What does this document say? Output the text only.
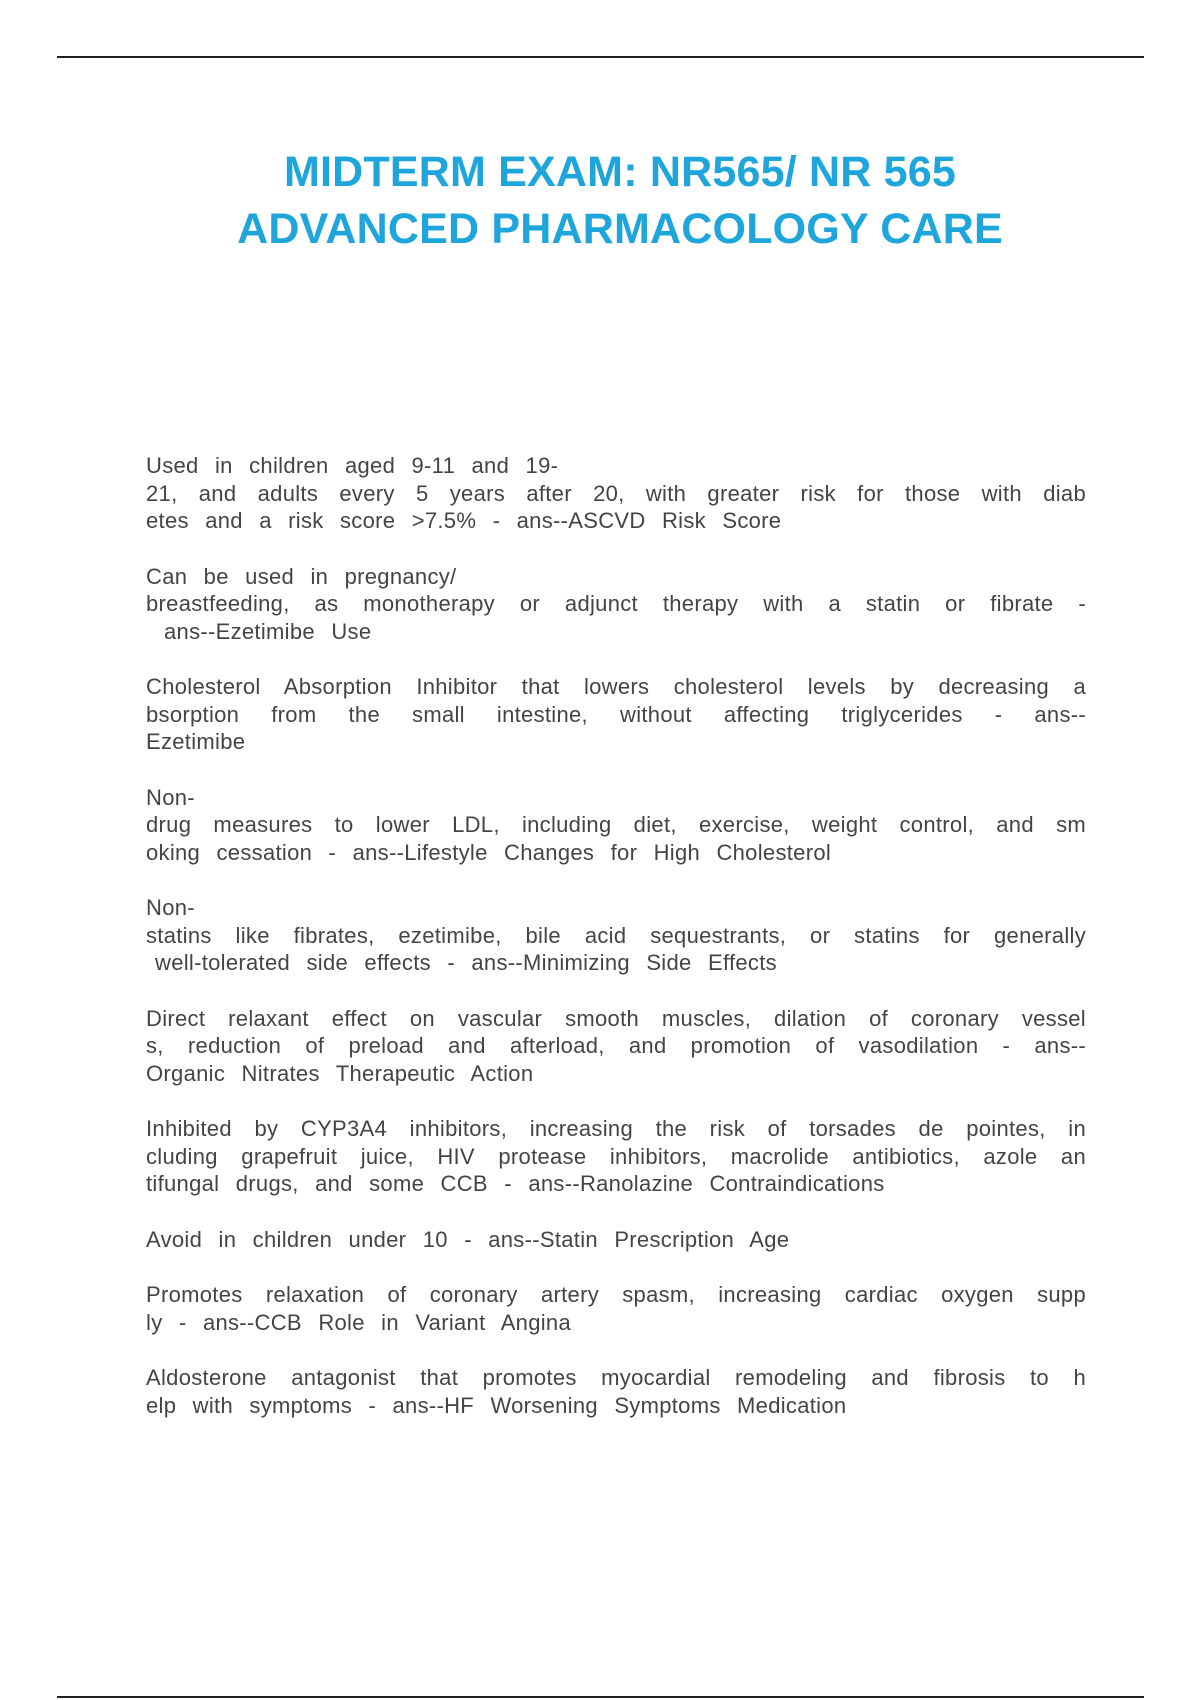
MIDTERM EXAM: NR565/ NR 565
ADVANCED PHARMACOLOGY CARE

Used in children aged 9-11 and 19-
21, and adults every 5 years after 20, with greater risk for those with diab
etes and a risk score >7.5% - ans--ASCVD Risk Score

Can be used in pregnancy/
breastfeeding, as monotherapy or adjunct therapy with a statin or fibrate -
ans--Ezetimibe Use

Cholesterol Absorption Inhibitor that lowers cholesterol levels by decreasing a
bsorption from the small intestine, without affecting triglycerides - ans--
Ezetimibe

Non-
drug measures to lower LDL, including diet, exercise, weight control, and sm
oking cessation - ans--Lifestyle Changes for High Cholesterol

Non-
statins like fibrates, ezetimibe, bile acid sequestrants, or statins for generally
well-tolerated side effects - ans--Minimizing Side Effects

Direct relaxant effect on vascular smooth muscles, dilation of coronary vessel
s, reduction of preload and afterload, and promotion of vasodilation - ans--
Organic Nitrates Therapeutic Action

Inhibited by CYP3A4 inhibitors, increasing the risk of torsades de pointes, in
cluding grapefruit juice, HIV protease inhibitors, macrolide antibiotics, azole an
tifungal drugs, and some CCB - ans--Ranolazine Contraindications

Avoid in children under 10 - ans--Statin Prescription Age

Promotes relaxation of coronary artery spasm, increasing cardiac oxygen supp
ly - ans--CCB Role in Variant Angina

Aldosterone antagonist that promotes myocardial remodeling and fibrosis to h
elp with symptoms - ans--HF Worsening Symptoms Medication
